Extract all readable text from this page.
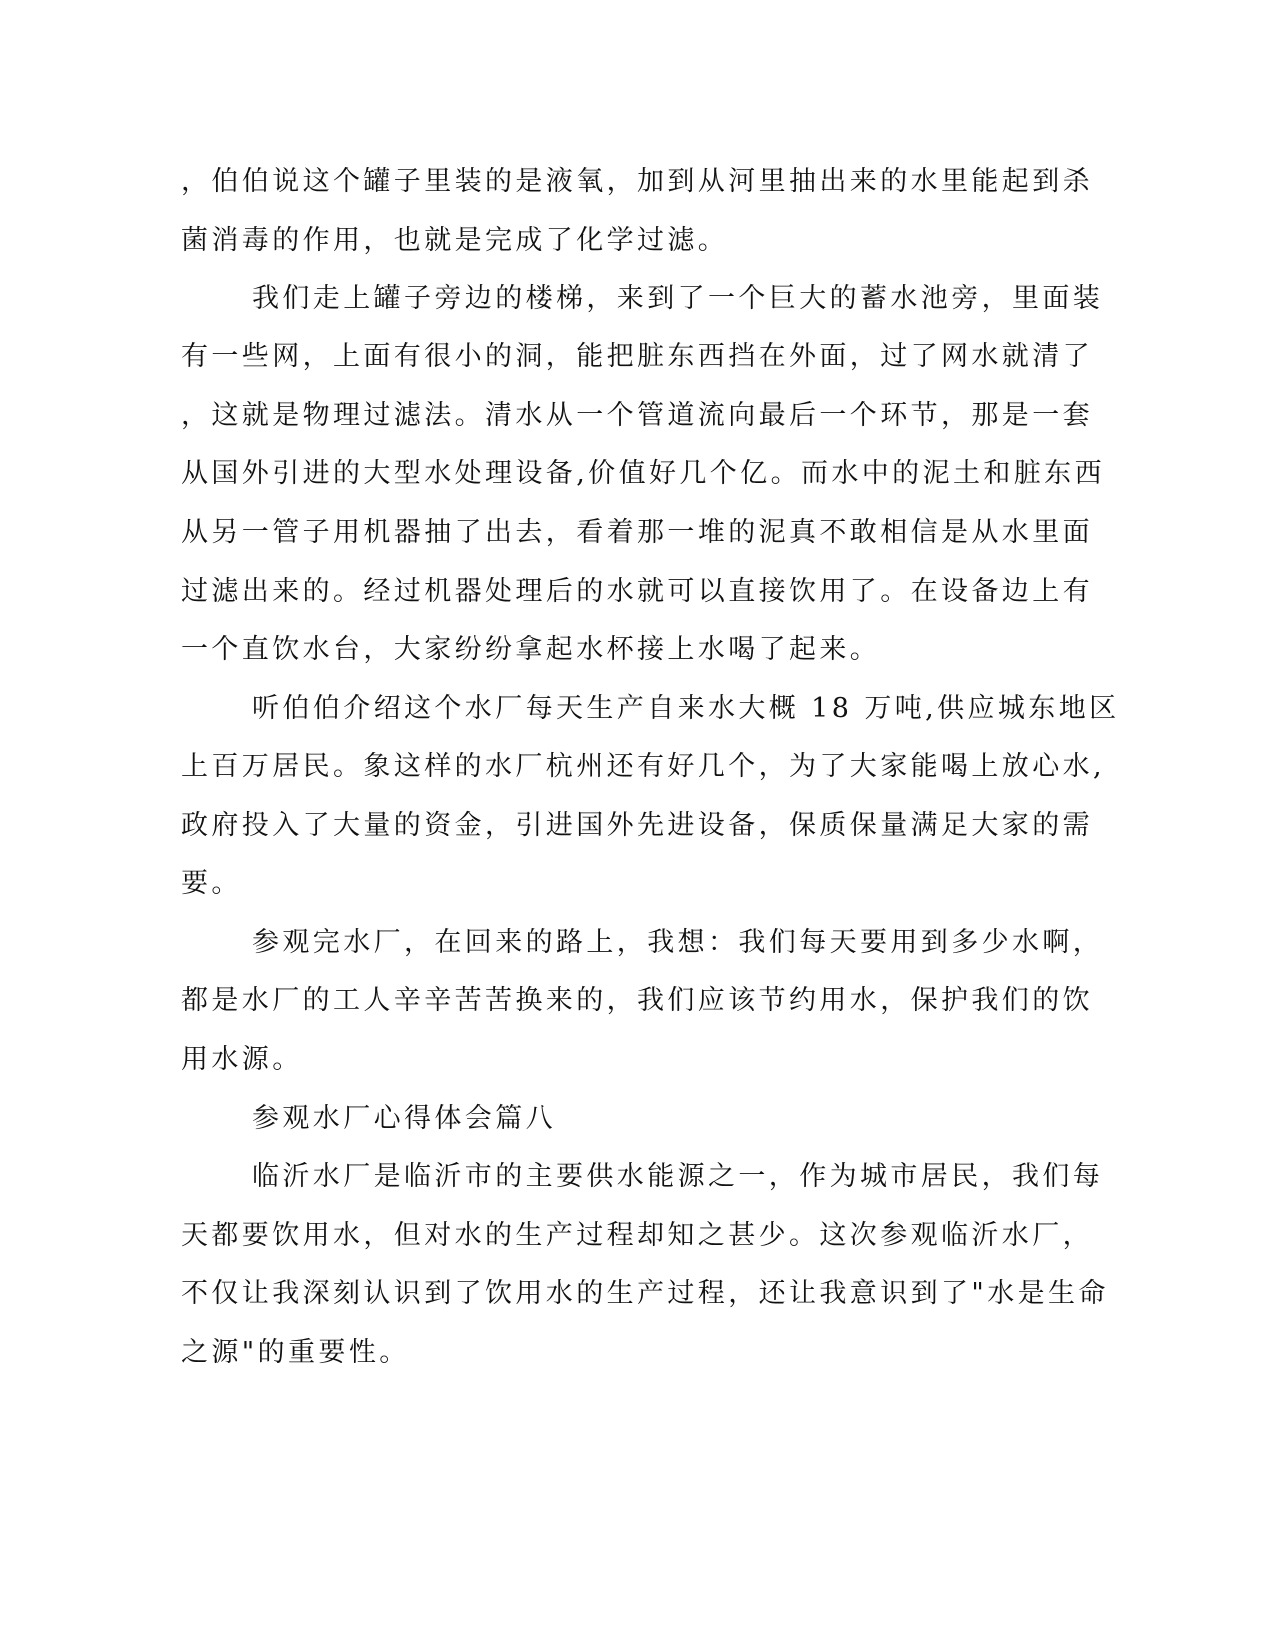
，伯伯说这个罐子里装的是液氧，加到从河里抽出来的水里能起到杀
菌消毒的作用，也就是完成了化学过滤。
我们走上罐子旁边的楼梯，来到了一个巨大的蓄水池旁，里面装
有一些网，上面有很小的洞，能把脏东西挡在外面，过了网水就清了
，这就是物理过滤法。清水从一个管道流向最后一个环节，那是一套
从国外引进的大型水处理设备,价值好几个亿。而水中的泥土和脏东西
从另一管子用机器抽了出去，看着那一堆的泥真不敢相信是从水里面
过滤出来的。经过机器处理后的水就可以直接饮用了。在设备边上有
一个直饮水台，大家纷纷拿起水杯接上水喝了起来。
听伯伯介绍这个水厂每天生产自来水大概 18 万吨,供应城东地区
上百万居民。象这样的水厂杭州还有好几个，为了大家能喝上放心水,
政府投入了大量的资金，引进国外先进设备，保质保量满足大家的需
要。
参观完水厂，在回来的路上，我想：我们每天要用到多少水啊，
都是水厂的工人辛辛苦苦换来的，我们应该节约用水，保护我们的饮
用水源。
参观水厂心得体会篇八
临沂水厂是临沂市的主要供水能源之一，作为城市居民，我们每
天都要饮用水，但对水的生产过程却知之甚少。这次参观临沂水厂，
不仅让我深刻认识到了饮用水的生产过程，还让我意识到了"水是生命
之源"的重要性。
